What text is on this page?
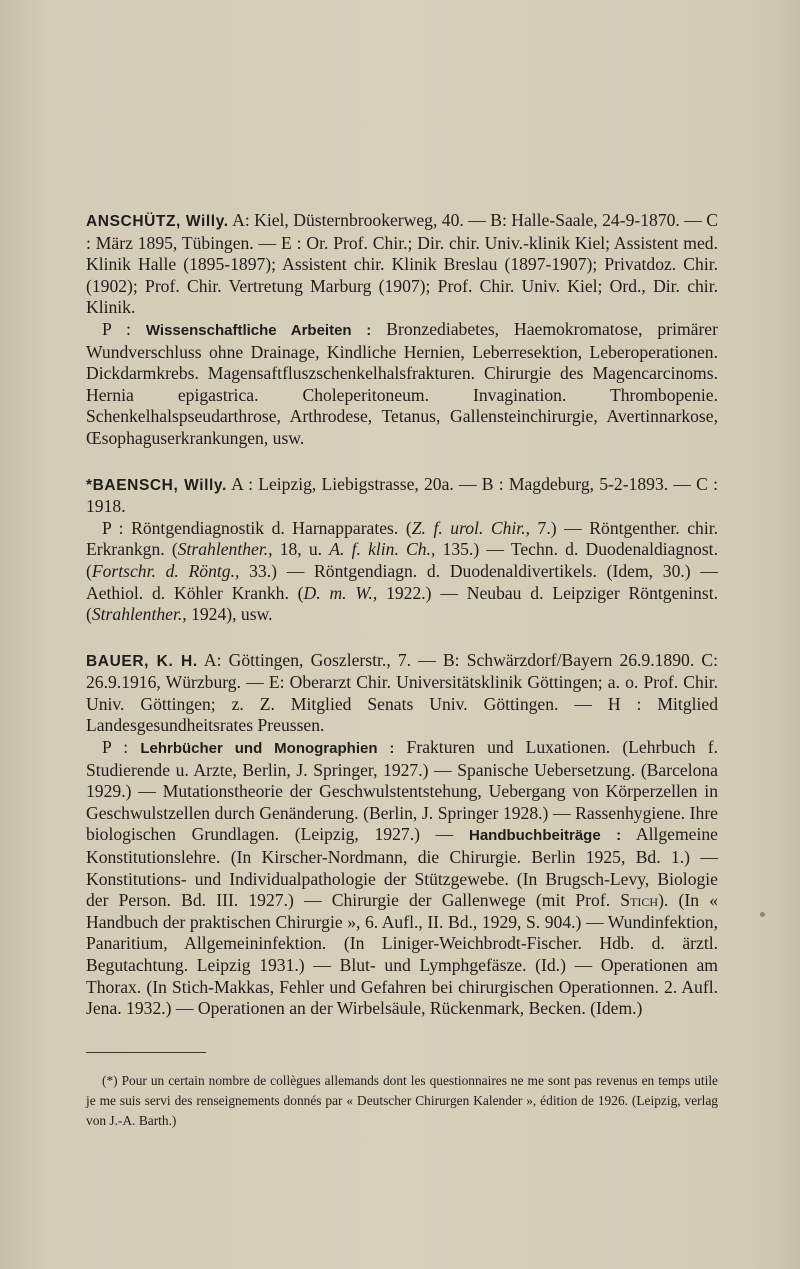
ANSCHÜTZ, Willy. A: Kiel, Düsternbrookerweg, 40. — B: Halle-Saale, 24-9-1870. — C : März 1895, Tübingen. — E : Or. Prof. Chir.; Dir. chir. Univ.-klinik Kiel; Assistent med. Klinik Halle (1895-1897); Assistent chir. Klinik Breslau (1897-1907); Privatdoz. Chir. (1902); Prof. Chir. Vertretung Marburg (1907); Prof. Chir. Univ. Kiel; Ord., Dir. chir. Klinik.

P : Wissenschaftliche Arbeiten : Bronzediabetes, Haemokromatose, primärer Wundverschluss ohne Drainage, Kindliche Hernien, Leberresektion, Leberoperationen. Dickdarmkrebs. Magensaftfluszschenkelhalsfrakturen. Chirurgie des Magencarcinoms. Hernia epigastrica. Choleperitoneum. Invagination. Thrombopenie. Schenkelhalspseudarthrose, Arthrodese, Tetanus, Gallensteinchirurgie, Avertinnarkose, Œsophaguserkrankungen, usw.

*BAENSCH, Willy. A : Leipzig, Liebigstrasse, 20a. — B : Magdeburg, 5-2-1893. — C : 1918.

P : Röntgendiagnostik d. Harnapparates. (Z. f. urol. Chir., 7.) — Röntgenther. chir. Erkrankgn. (Strahlenther., 18, u. A. f. klin. Ch., 135.) — Techn. d. Duodenaldiagnost. (Fortschr. d. Röntg., 33.) — Röntgendiagn. d. Duodenaldivertikels. (Idem, 30.) — Aethiol. d. Köhler Krankh. (D. m. W., 1922.) — Neubau d. Leipziger Röntgeninst. (Strahlenther., 1924), usw.

BAUER, K. H. A: Göttingen, Goszlerstr., 7. — B: Schwärzdorf/Bayern 26.9.1890. C: 26.9.1916, Würzburg. — E: Oberarzt Chir. Universitätsklinik Göttingen; a. o. Prof. Chir. Univ. Göttingen; z. Z. Mitglied Senats Univ. Göttingen. — H : Mitglied Landesgesundheitsrates Preussen.

P : Lehrbücher und Monographien : Frakturen und Luxationen. (Lehrbuch f. Studierende u. Arzte, Berlin, J. Springer, 1927.) — Spanische Uebersetzung. (Barcelona 1929.) — Mutationstheorie der Geschwulstentstehung, Uebergang von Körperzellen in Geschwulstzellen durch Genänderung. (Berlin, J. Springer 1928.) — Rassenhygiene. Ihre biologischen Grundlagen. (Leipzig, 1927.) — Handbuchbeiträge : Allgemeine Konstitutionslehre. (In Kirscher-Nordmann, die Chirurgie. Berlin 1925, Bd. 1.) — Konstitutions- und Individualpathologie der Stützgewebe. (In Brugsch-Levy, Biologie der Person. Bd. III. 1927.) — Chirurgie der Gallenwege (mit Prof. Stich). (In « Handbuch der praktischen Chirurgie », 6. Aufl., II. Bd., 1929, S. 904.) — Wundinfektion, Panaritium, Allgemeininfektion. (In Liniger-Weichbrodt-Fischer. Hdb. d. ärztl. Begutachtung. Leipzig 1931.) — Blut- und Lymphgefäsze. (Id.) — Operationen am Thorax. (In Stich-Makkas, Fehler und Gefahren bei chirurgischen Operationnen. 2. Aufl. Jena. 1932.) — Operationen an der Wirbelsäule, Rückenmark, Becken. (Idem.)

(*) Pour un certain nombre de collègues allemands dont les questionnaires ne me sont pas revenus en temps utile je me suis servi des renseignements donnés par « Deutscher Chirurgen Kalender », édition de 1926. (Leipzig, verlag von J.-A. Barth.)
